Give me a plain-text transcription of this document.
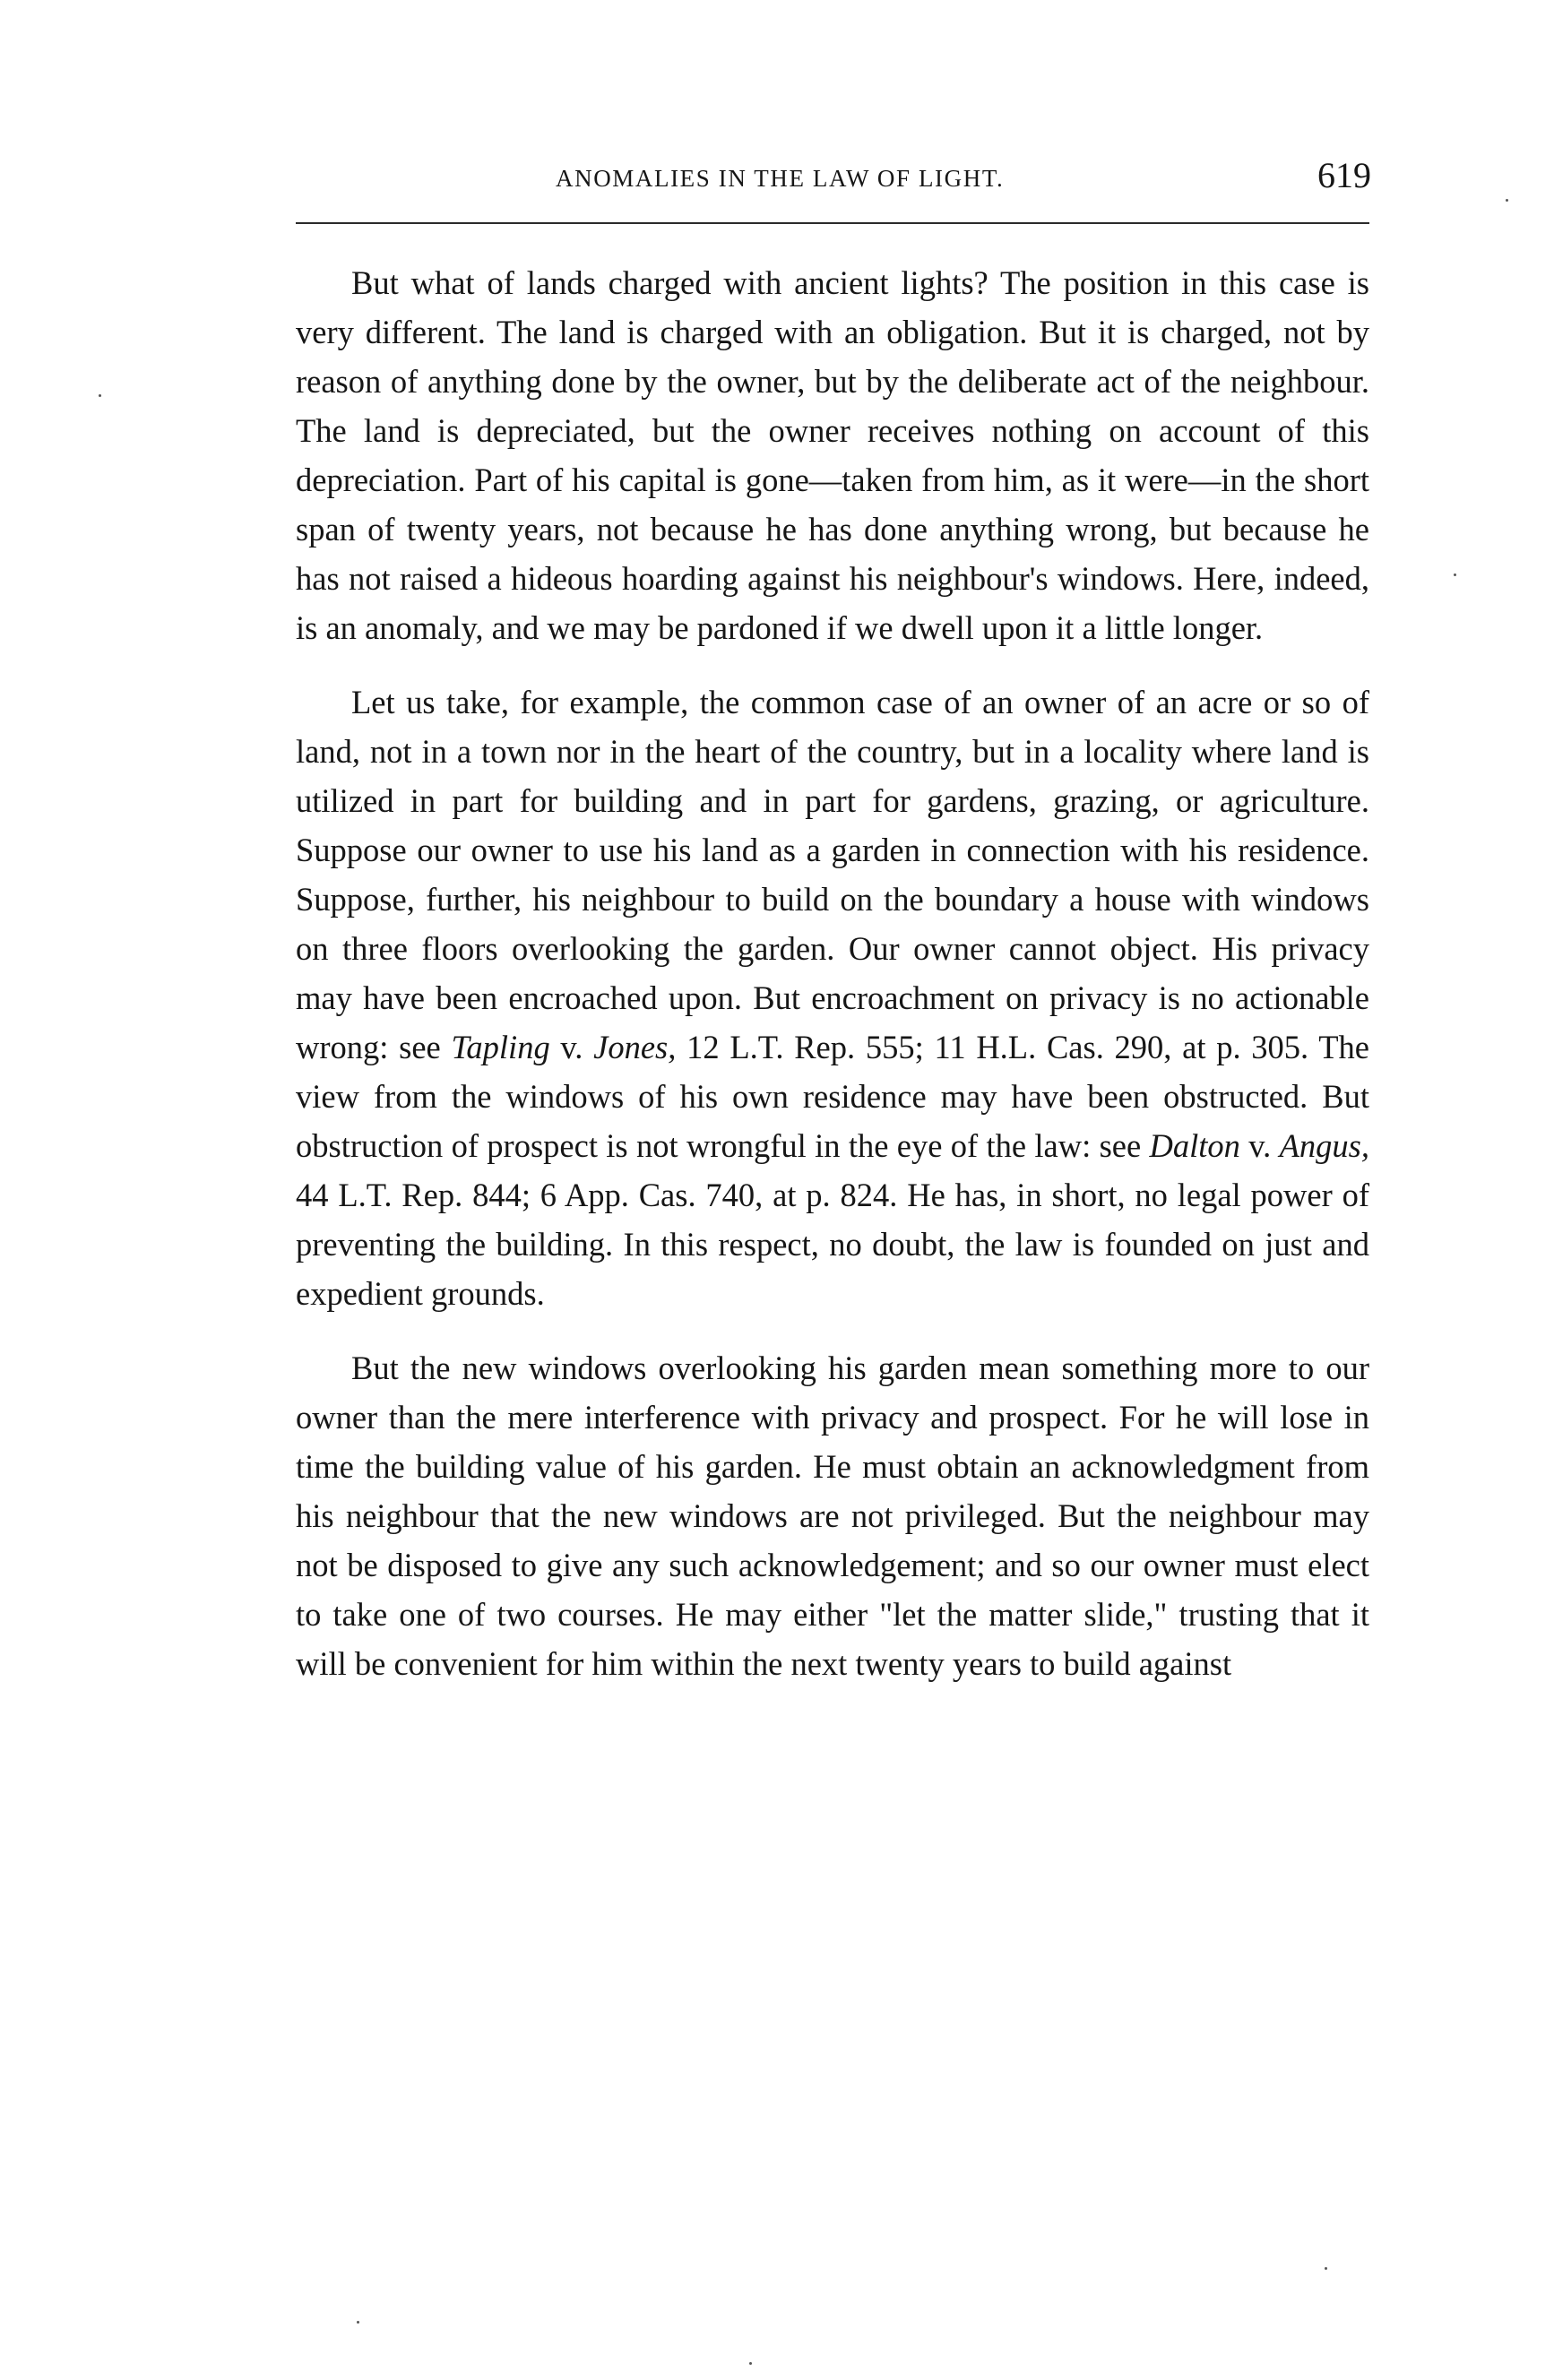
ANOMALIES IN THE LAW OF LIGHT.	619

But what of lands charged with ancient lights? The position in this case is very different. The land is charged with an obligation. But it is charged, not by reason of anything done by the owner, but by the deliberate act of the neighbour. The land is depreciated, but the owner receives nothing on account of this depreciation. Part of his capital is gone—taken from him, as it were—in the short span of twenty years, not because he has done anything wrong, but because he has not raised a hideous hoarding against his neighbour's windows. Here, indeed, is an anomaly, and we may be pardoned if we dwell upon it a little longer.

Let us take, for example, the common case of an owner of an acre or so of land, not in a town nor in the heart of the country, but in a locality where land is utilized in part for building and in part for gardens, grazing, or agriculture. Suppose our owner to use his land as a garden in connection with his residence. Suppose, further, his neighbour to build on the boundary a house with windows on three floors overlooking the garden. Our owner cannot object. His privacy may have been encroached upon. But encroachment on privacy is no actionable wrong: see Tapling v. Jones, 12 L.T. Rep. 555; 11 H.L. Cas. 290, at p. 305. The view from the windows of his own residence may have been obstructed. But obstruction of prospect is not wrongful in the eye of the law: see Dalton v. Angus, 44 L.T. Rep. 844; 6 App. Cas. 740, at p. 824. He has, in short, no legal power of preventing the building. In this respect, no doubt, the law is founded on just and expedient grounds.

But the new windows overlooking his garden mean something more to our owner than the mere interference with privacy and prospect. For he will lose in time the building value of his garden. He must obtain an acknowledgment from his neighbour that the new windows are not privileged. But the neighbour may not be disposed to give any such acknowledgement; and so our owner must elect to take one of two courses. He may either "let the matter slide," trusting that it will be convenient for him within the next twenty years to build against
